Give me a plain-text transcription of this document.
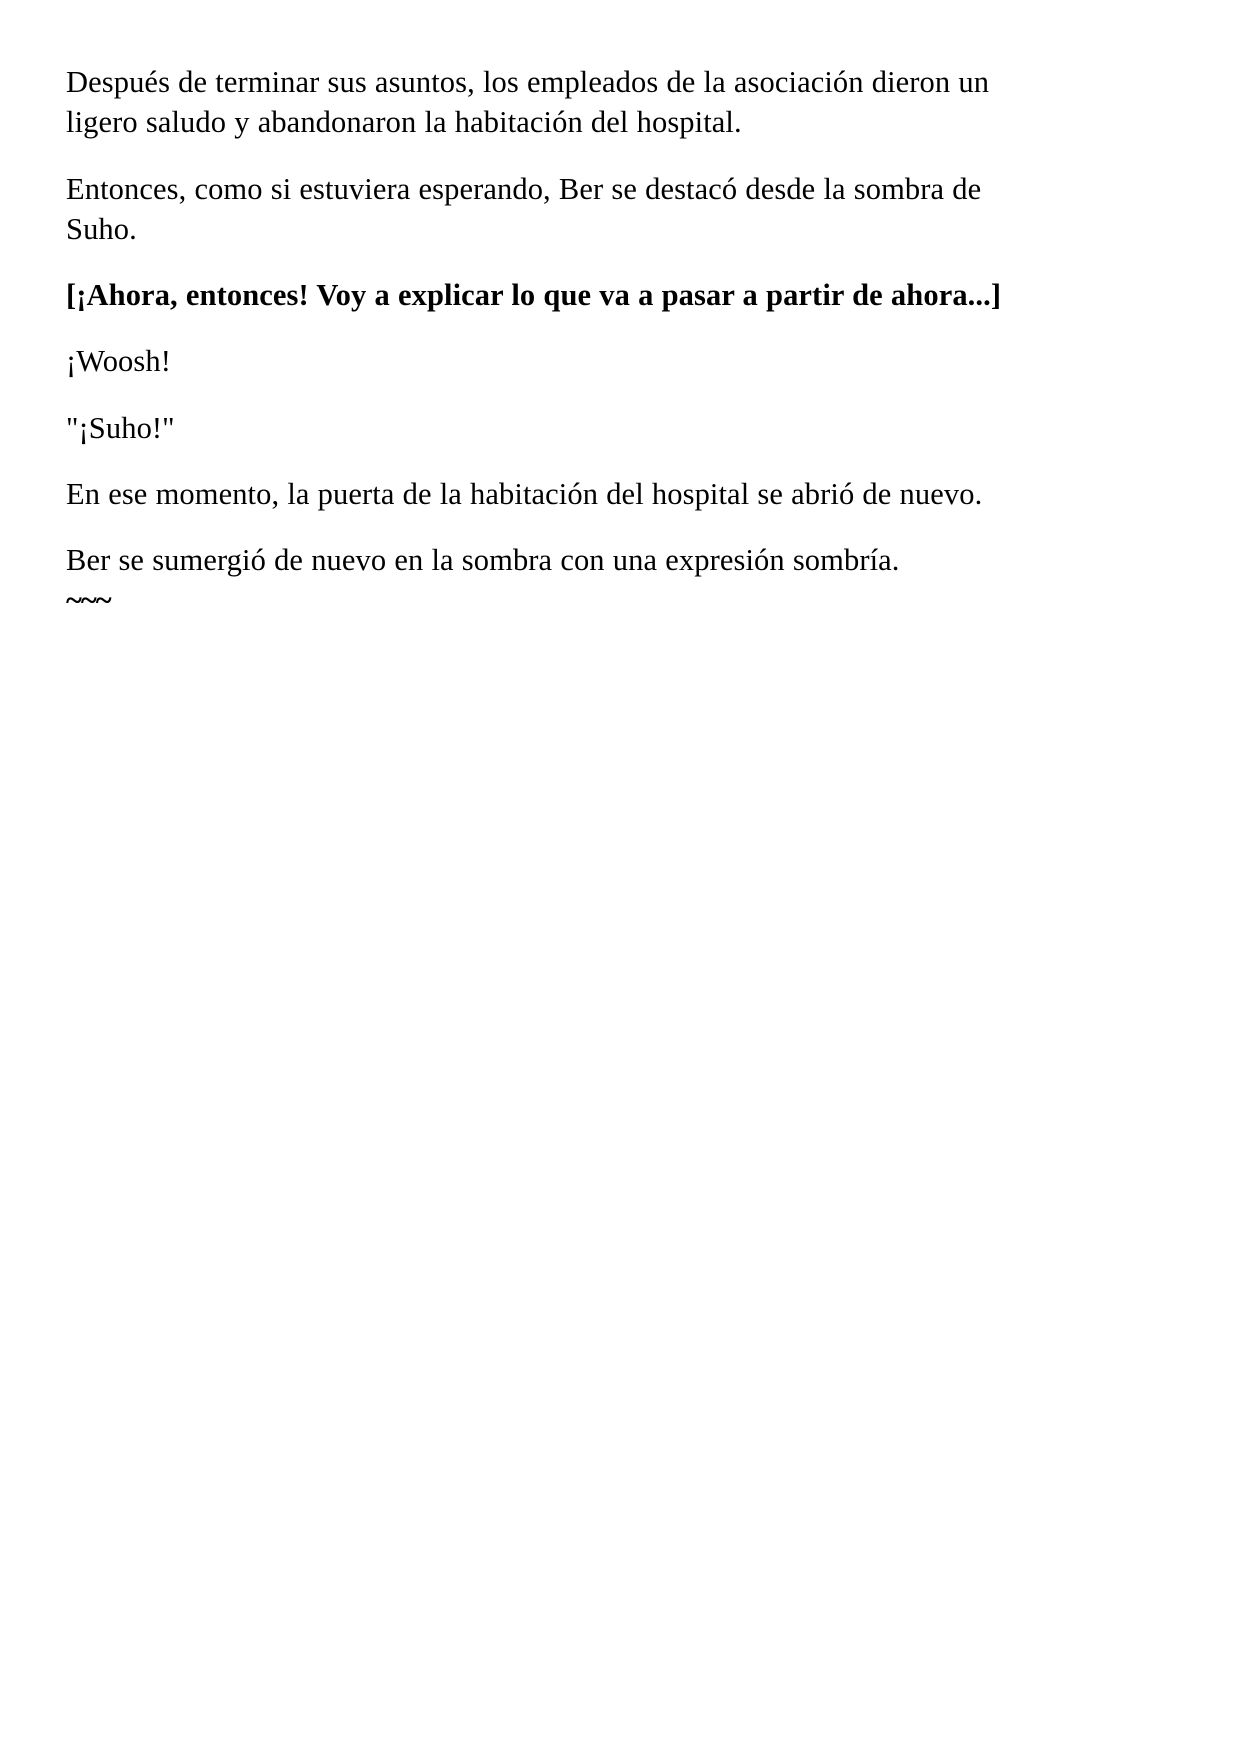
Después de terminar sus asuntos, los empleados de la asociación dieron un ligero saludo y abandonaron la habitación del hospital.

Entonces, como si estuviera esperando, Ber se destacó desde la sombra de Suho.

[¡Ahora, entonces! Voy a explicar lo que va a pasar a partir de ahora...]

¡Woosh!

"¡Suho!"

En ese momento, la puerta de la habitación del hospital se abrió de nuevo.

Ber se sumergió de nuevo en la sombra con una expresión sombría.

~~~
